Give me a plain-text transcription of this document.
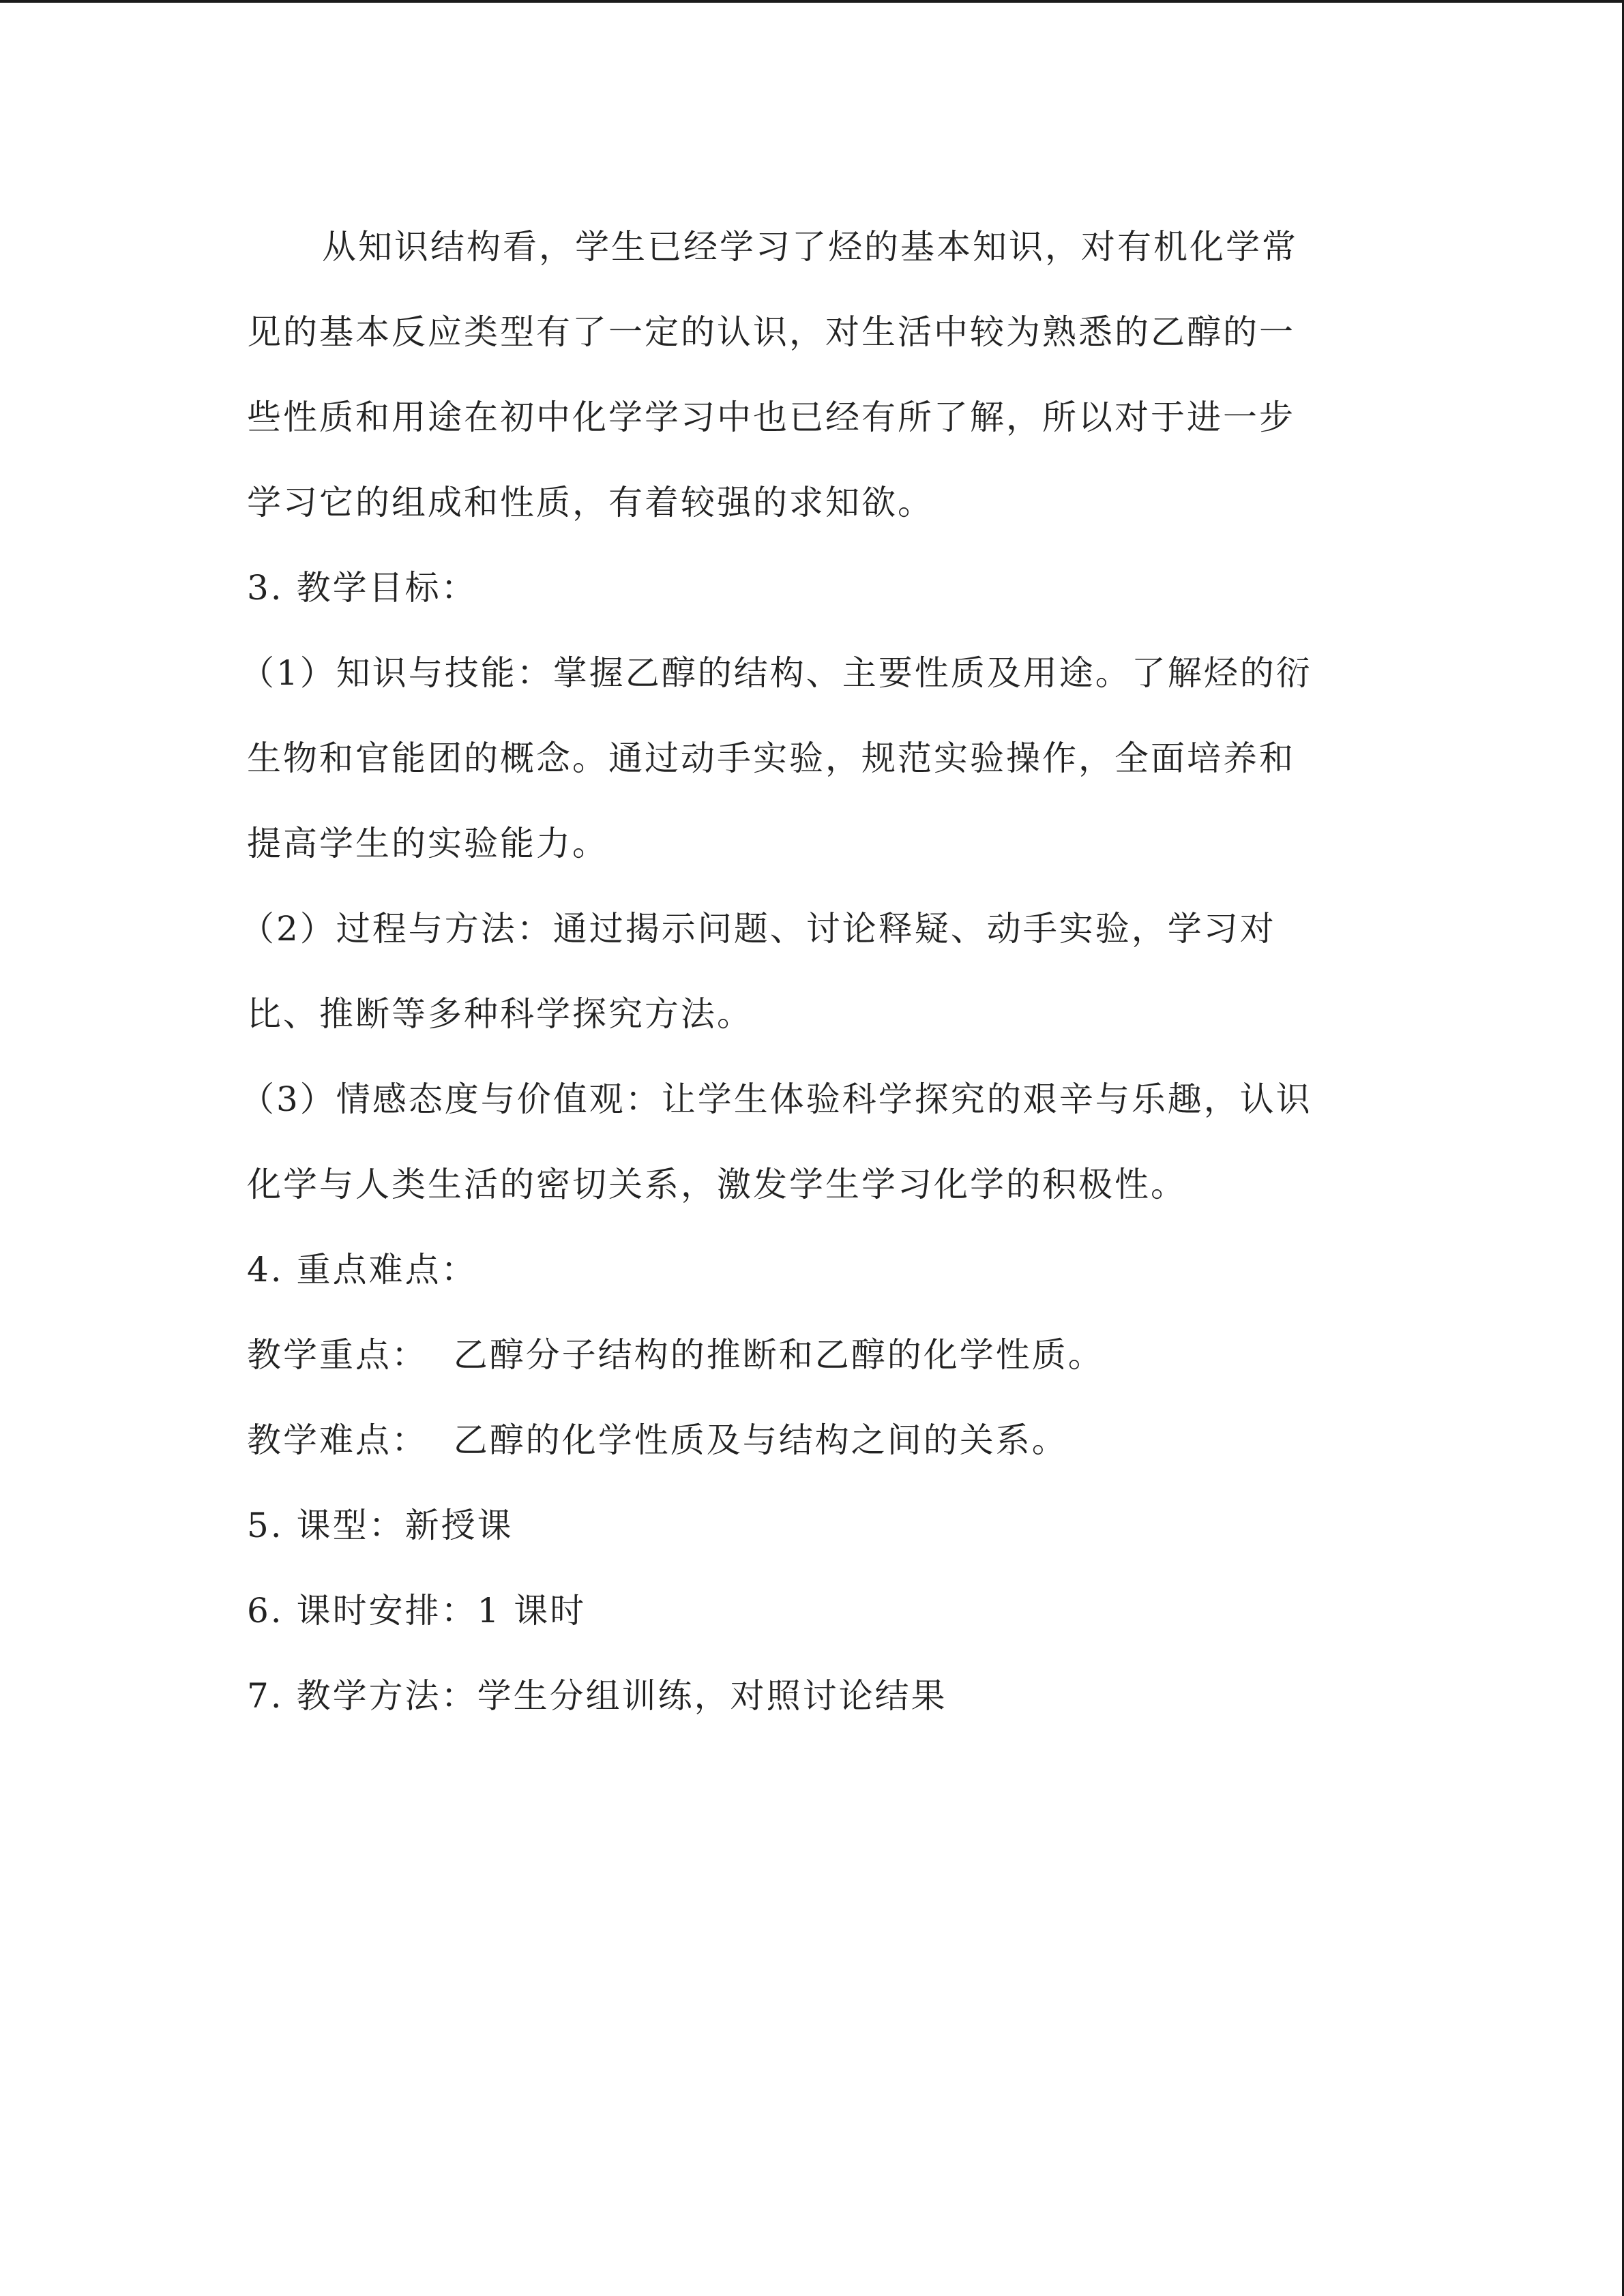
从知识结构看，学生已经学习了烃的基本知识，对有机化学常
见的基本反应类型有了一定的认识，对生活中较为熟悉的乙醇的一
些性质和用途在初中化学学习中也已经有所了解，所以对于进一步
学习它的组成和性质，有着较强的求知欲。
3. 教学目标：
（1）知识与技能：掌握乙醇的结构、主要性质及用途。了解烃的衍
生物和官能团的概念。通过动手实验，规范实验操作，全面培养和
提高学生的实验能力。
（2）过程与方法：通过揭示问题、讨论释疑、动手实验，学习对
比、推断等多种科学探究方法。
（3）情感态度与价值观：让学生体验科学探究的艰辛与乐趣，认识
化学与人类生活的密切关系，激发学生学习化学的积极性。
4. 重点难点：
教学重点：  乙醇分子结构的推断和乙醇的化学性质。
教学难点：  乙醇的化学性质及与结构之间的关系。
5. 课型：新授课
6. 课时安排：1 课时
7. 教学方法：学生分组训练，对照讨论结果
